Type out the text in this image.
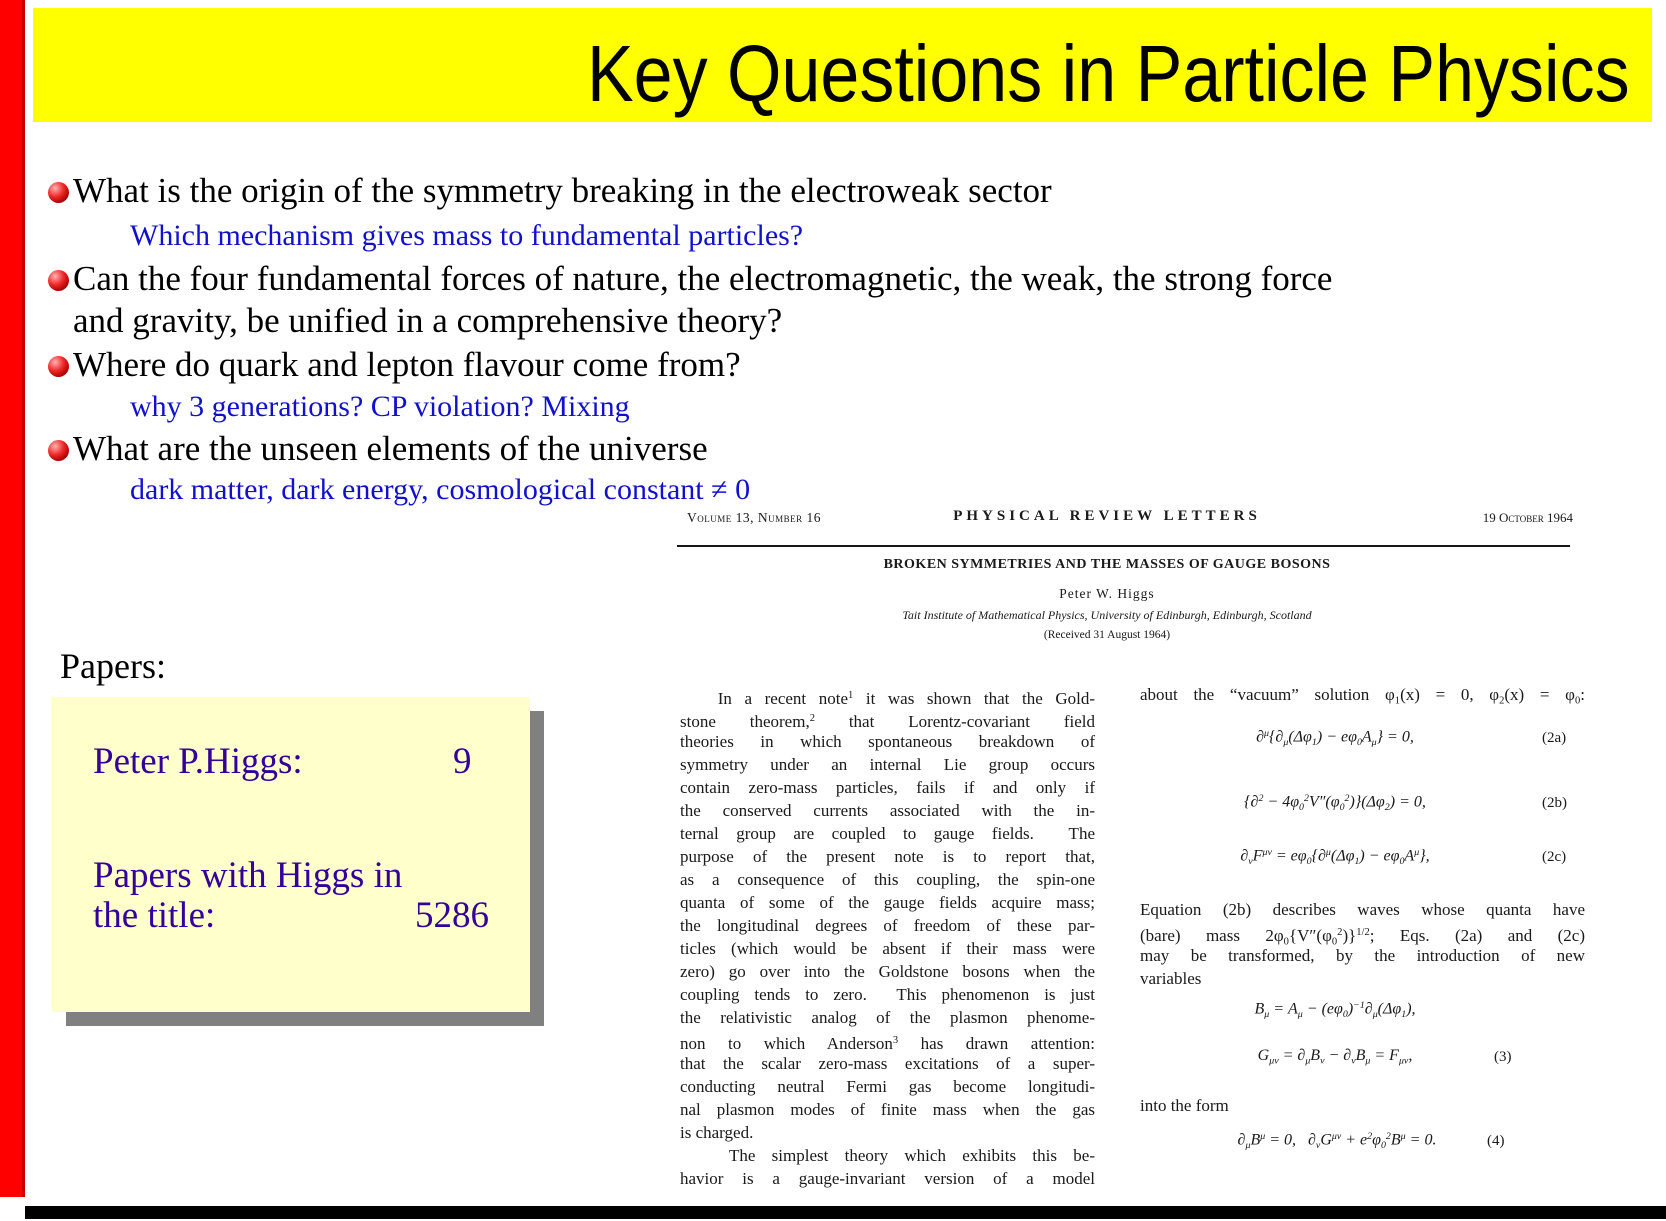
Key Questions in Particle Physics
What is the origin of the symmetry breaking in the electroweak sector
Which mechanism gives mass to fundamental particles?
Can the four fundamental forces of nature, the electromagnetic, the weak, the strong force
and gravity, be unified in a comprehensive theory?
Where do quark and lepton flavour come from?
why 3 generations? CP violation? Mixing
What are the unseen elements of the universe
dark matter, dark energy, cosmological constant ≠ 0
Papers:
Peter P.Higgs:	9
Papers with Higgs in
the title:	5286
Volume 13, Number 16	PHYSICAL REVIEW LETTERS	19 October 1964
BROKEN SYMMETRIES AND THE MASSES OF GAUGE BOSONS
Peter W. Higgs
Tait Institute of Mathematical Physics, University of Edinburgh, Edinburgh, Scotland
(Received 31 August 1964)
In a recent note$^1$ it was shown that the Gold-
stone theorem,$^2$ that Lorentz-covariant field
theories in which spontaneous breakdown of
symmetry under an internal Lie group occurs
contain zero-mass particles, fails if and only if
the conserved currents associated with the in-
ternal group are coupled to gauge fields.  The
purpose of the present note is to report that,
as a consequence of this coupling, the spin-one
quanta of some of the gauge fields acquire mass;
the longitudinal degrees of freedom of these par-
ticles (which would be absent if their mass were
zero) go over into the Goldstone bosons when the
coupling tends to zero.  This phenomenon is just
the relativistic analog of the plasmon phenome-
non to which Anderson$^3$ has drawn attention:
that the scalar zero-mass excitations of a super-
conducting neutral Fermi gas become longitudi-
nal plasmon modes of finite mass when the gas
is charged.
The simplest theory which exhibits this be-
havior is a gauge-invariant version of a model
about the “vacuum” solution $\varphi_1(x) = 0$, $\varphi_2(x) = \varphi_0$:
$\partial^\mu\{\partial_\mu(\Delta\varphi_1) - e\varphi_0A_\mu\} = 0$,	(2a)
$\{\partial^2 - 4\varphi_0^2V''(\varphi_0^2)\}(\Delta\varphi_2) = 0$,	(2b)
$\partial_\nu F^{\mu\nu} = e\varphi_0\{\partial^\mu(\Delta\varphi_1) - e\varphi_0A^\mu\}$,	(2c)
Equation (2b) describes waves whose quanta have
(bare) mass $2\varphi_0\{V''(\varphi_0^2)\}^{1/2}$; Eqs. (2a) and (2c)
may be transformed, by the introduction of new
variables
$B_\mu = A_\mu - (e\varphi_0)^{-1}\partial_\mu(\Delta\varphi_1)$,
$G_{\mu\nu} = \partial_\mu B_\nu - \partial_\nu B_\mu = F_{\mu\nu}$,	(3)
into the form
$\partial_\mu B^\mu = 0$,   $\partial_\nu G^{\mu\nu} + e^2\varphi_0^2B^\mu = 0$.	(4)
